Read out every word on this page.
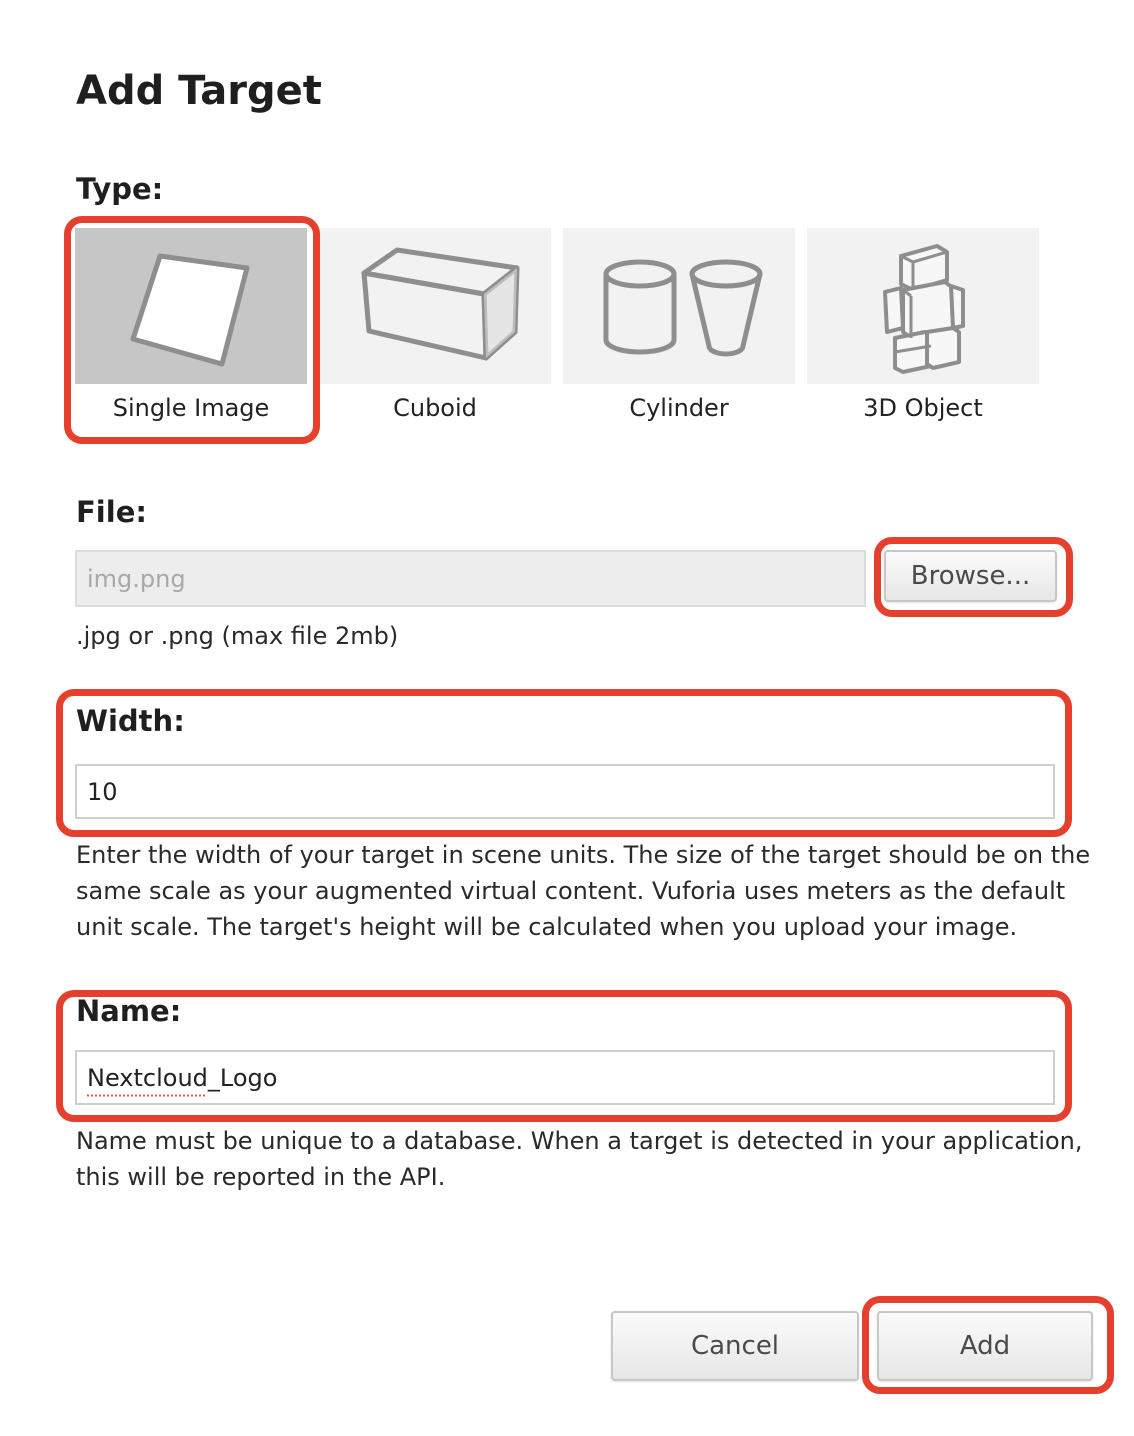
Add Target
Type:
Single Image	Cuboid	Cylinder	3D Object
File:
img.png
Browse...
.jpg or .png (max file 2mb)
Width:
10
Enter the width of your target in scene units. The size of the target should be on the same scale as your augmented virtual content. Vuforia uses meters as the default unit scale. The target's height will be calculated when you upload your image.
Name:
Nextcloud_Logo
Name must be unique to a database. When a target is detected in your application, this will be reported in the API.
Cancel	Add
